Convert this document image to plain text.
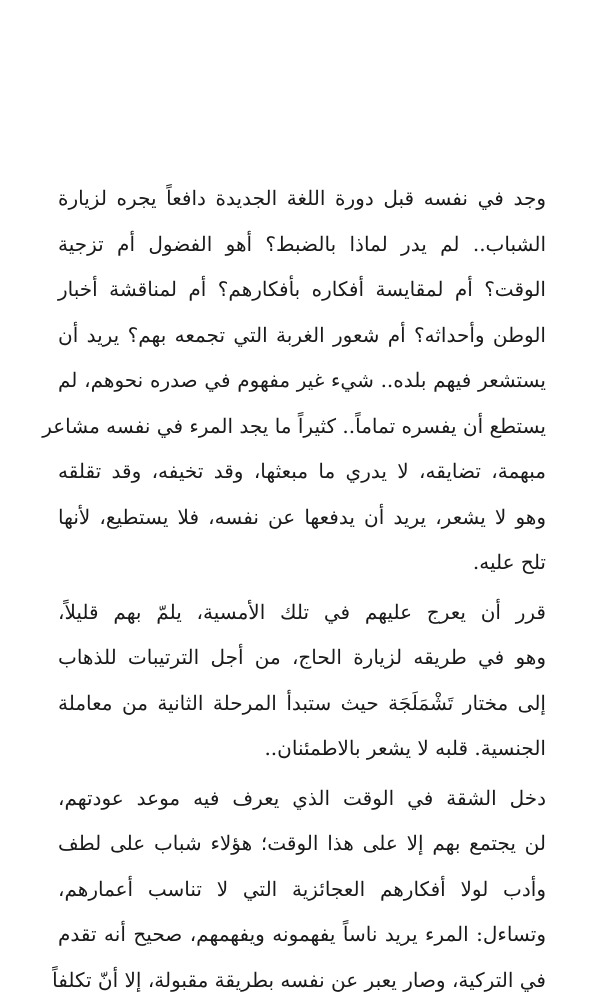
وجد في نفسه قبل دورة اللغة الجديدة دافعاً يجره لزيارة
الشباب.. لم يدر لماذا بالضبط؟ أهو الفضول أم تزجية
الوقت؟ أم لمقايسة أفكاره بأفكارهم؟ أم لمناقشة أخبار
الوطن وأحداثه؟ أم شعور الغربة التي تجمعه بهم؟ يريد أن
يستشعر فيهم بلده.. شيء غير مفهوم في صدره نحوهم، لم
يستطع أن يفسره تماماً.. كثيراً ما يجد المرء في نفسه مشاعر
مبهمة، تضايقه، لا يدري ما مبعثها، وقد تخيفه، وقد تقلقه
وهو لا يشعر، يريد أن يدفعها عن نفسه، فلا يستطيع، لأنها
تلح عليه.
قرر أن يعرج عليهم في تلك الأمسية، يلمّ بهم قليلاً،
وهو في طريقه لزيارة الحاج، من أجل الترتيبات للذهاب
إلى مختار تَشْمَلَجَة حيث ستبدأ المرحلة الثانية من معاملة
الجنسية. قلبه لا يشعر بالاطمئنان..
دخل الشقة في الوقت الذي يعرف فيه موعد عودتهم،
لن يجتمع بهم إلا على هذا الوقت؛ هؤلاء شباب على لطف
وأدب لولا أفكارهم العجائزية التي لا تناسب أعمارهم،
وتساءل: المرء يريد ناساً يفهمونه ويفهمهم، صحيح أنه تقدم
في التركية، وصار يعبر عن نفسه بطريقة مقبولة، إلا أنّ تكلفاً
